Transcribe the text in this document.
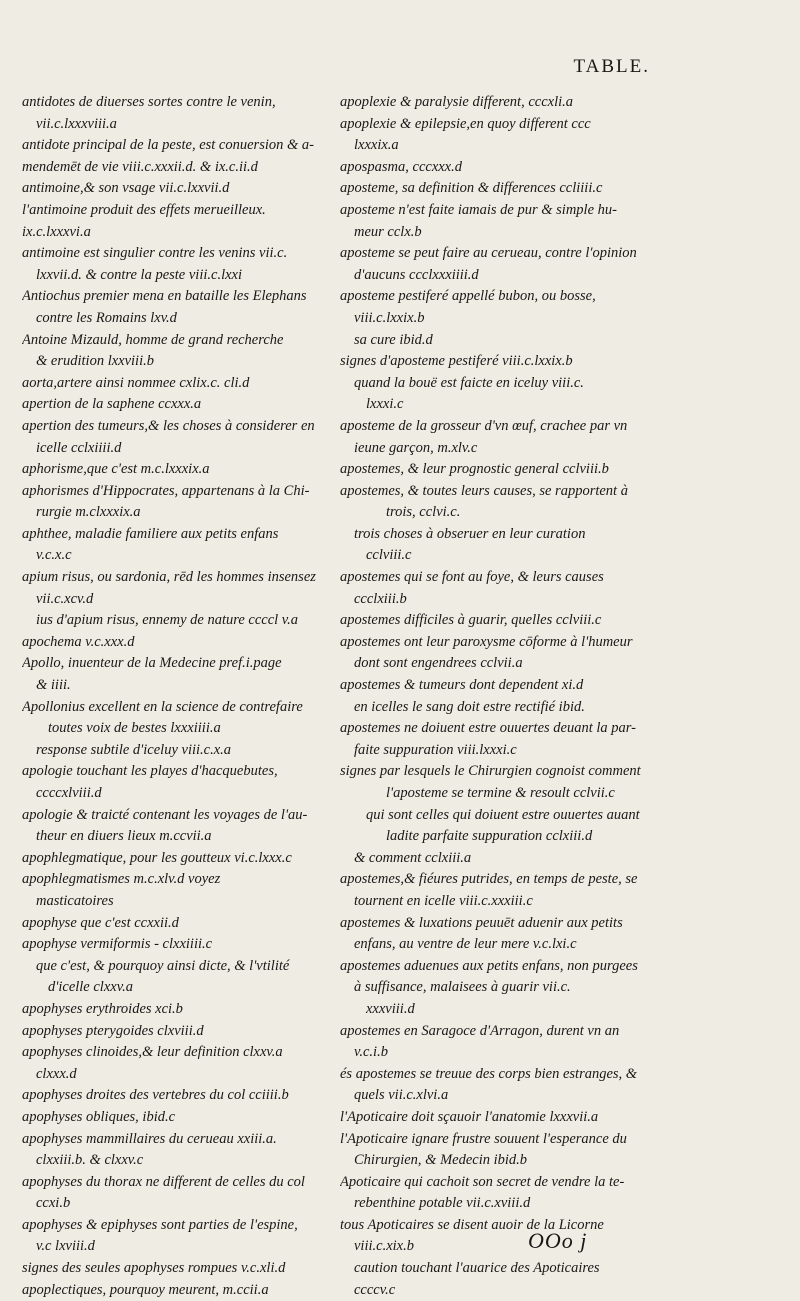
TABLE.
antidotes de diuerses sortes contre le venin,
vii.c.lxxxviii.a
antidote principal de la peste, est conuersion & a-
mendemēt de vie viii.c.xxxii.d. & ix.c.ii.d
antimoine,& son vsage vii.c.lxxvii.d
l'antimoine produit des effets merueilleux.
ix.c.lxxxvi.a
antimoine est singulier contre les venins vii.c.
lxxvii.d. & contre la peste viii.c.lxxi
Antiochus premier mena en bataille les Elephans
contre les Romains lxv.d
Antoine Mizauld, homme de grand recherche
& erudition lxxviii.b
aorta,artere ainsi nommee cxlix.c. cli.d
apertion de la saphene ccxxx.a
apertion des tumeurs,& les choses à considerer en
icelle cclxiiii.d
aphorisme,que c'est m.c.lxxxix.a
aphorismes d'Hippocrates, appartenans à la Chi-
rurgie m.clxxxix.a
aphthee, maladie familiere aux petits enfans
v.c.x.c
apium risus, ou sardonia, rēd les hommes insensez
vii.c.xcv.d
ius d'apium risus, ennemy de nature ccccl v.a
apochema v.c.xxx.d
Apollo, inuenteur de la Medecine pref.i.page
& iiii.
Apollonius excellent en la science de contrefaire
toutes voix de bestes lxxxiiii.a
response subtile d'iceluy viii.c.x.a
apologie touchant les playes d'hacquebutes,
ccccxlviii.d
apologie & traicté contenant les voyages de l'au-
theur en diuers lieux m.ccvii.a
apophlegmatique, pour les goutteux vi.c.lxxx.c
apophlegmatismes m.c.xlv.d voyez
masticatoires
apophyse que c'est ccxxii.d
apophyse vermiformis - clxxiiii.c
que c'est, & pourquoy ainsi dicte, & l'vtilité
d'icelle clxxv.a
apophyses erythroides xci.b
apophyses pterygoides clxviii.d
apophyses clinoides,& leur definition clxxv.a
clxxx.d
apophyses droites des vertebres du col cciiii.b
apophyses obliques, ibid.c
apophyses mammillaires du cerueau xxiii.a.
clxxiii.b. & clxxv.c
apophyses du thorax ne different de celles du col
ccxi.b
apophyses & epiphyses sont parties de l'espine,
v.c lxviii.d
signes des seules apophyses rompues v.c.xli.d
apoplectiques, pourquoy meurent, m.ccii.a
apoplexie & paralysie different, cccxli.a
apoplexie & epilepsie,en quoy different ccc
lxxxix.a
apospasma, cccxxx.d
aposteme, sa definition & differences ccliiii.c
aposteme n'est faite iamais de pur & simple hu-
meur cclx.b
aposteme se peut faire au cerueau, contre l'opinion
d'aucuns ccclxxxiiii.d
aposteme pestiferé appellé bubon, ou bosse,
viii.c.lxxix.b
sa cure ibid.d
signes d'aposteme pestiferé viii.c.lxxix.b
quand la bouë est faicte en iceluy viii.c.
lxxxi.c
aposteme de la grosseur d'vn œuf, crachee par vn
ieune garçon, m.xlv.c
apostemes, & leur prognostic general cclviii.b
apostemes, & toutes leurs causes, se rapportent à
trois, cclvi.c.
trois choses à obseruer en leur curation
cclviii.c
apostemes qui se font au foye, & leurs causes
ccclxiii.b
apostemes difficiles à guarir, quelles cclviii.c
apostemes ont leur paroxysme cōforme à l'humeur
dont sont engendrees cclvii.a
apostemes & tumeurs dont dependent xi.d
en icelles le sang doit estre rectifié ibid.
apostemes ne doiuent estre ouuertes deuant la par-
faite suppuration viii.lxxxi.c
signes par lesquels le Chirurgien cognoist comment
l'aposteme se termine & resoult cclvii.c
qui sont celles qui doiuent estre ouuertes auant
ladite parfaite suppuration cclxiii.d
& comment cclxiii.a
apostemes,& fiéures putrides, en temps de peste, se
tournent en icelle viii.c.xxxiii.c
apostemes & luxations peuuēt aduenir aux petits
enfans, au ventre de leur mere v.c.lxi.c
apostemes aduenues aux petits enfans, non purgees
à suffisance, malaisees à guarir vii.c.
xxxviii.d
apostemes en Saragoce d'Arragon, durent vn an
v.c.i.b
és apostemes se treuue des corps bien estranges, &
quels vii.c.xlvi.a
l'Apoticaire doit sçauoir l'anatomie lxxxvii.a
l'Apoticaire ignare frustre souuent l'esperance du
Chirurgien, & Medecin ibid.b
Apoticaire qui cachoit son secret de vendre la te-
rebenthine potable vii.c.xviii.d
tous Apoticaires se disent auoir de la Licorne
viii.c.xix.b
caution touchant l'auarice des Apoticaires
ccccv.c
OOo j
